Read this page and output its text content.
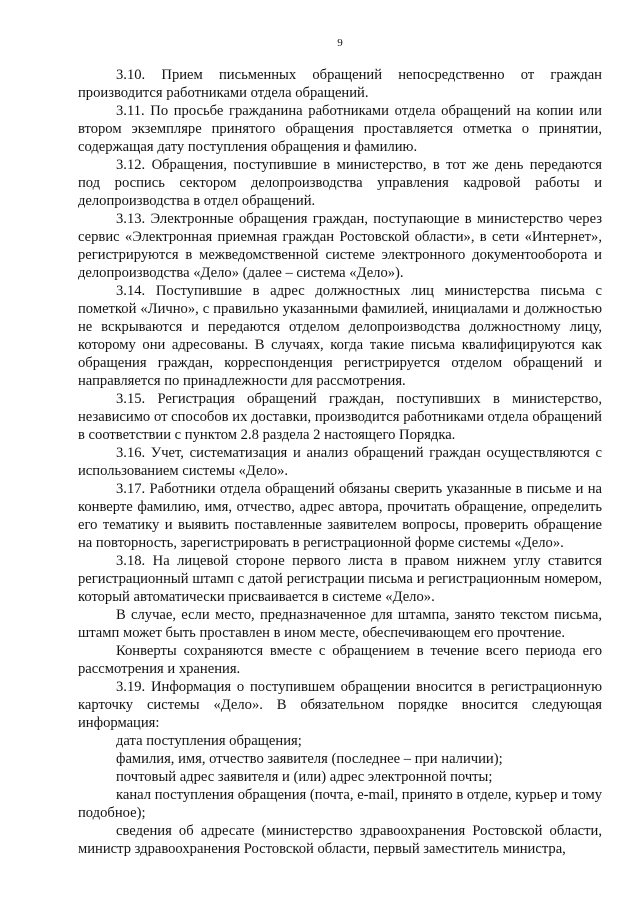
9

3.10. Прием письменных обращений непосредственно от граждан производится работниками отдела обращений.

3.11. По просьбе гражданина работниками отдела обращений на копии или втором экземпляре принятого обращения проставляется отметка о принятии, содержащая дату поступления обращения и фамилию.

3.12. Обращения, поступившие в министерство, в тот же день передаются под роспись сектором делопроизводства управления кадровой работы и делопроизводства в отдел обращений.

3.13. Электронные обращения граждан, поступающие в министерство через сервис «Электронная приемная граждан Ростовской области», в сети «Интернет», регистрируются в межведомственной системе электронного документооборота и делопроизводства «Дело» (далее – система «Дело»).

3.14. Поступившие в адрес должностных лиц министерства письма с пометкой «Лично», с правильно указанными фамилией, инициалами и должностью не вскрываются и передаются отделом делопроизводства должностному лицу, которому они адресованы. В случаях, когда такие письма квалифицируются как обращения граждан, корреспонденция регистрируется отделом обращений и направляется по принадлежности для рассмотрения.

3.15. Регистрация обращений граждан, поступивших в министерство, независимо от способов их доставки, производится работниками отдела обращений в соответствии с пунктом 2.8 раздела 2 настоящего Порядка.

3.16. Учет, систематизация и анализ обращений граждан осуществляются с использованием системы «Дело».

3.17. Работники отдела обращений обязаны сверить указанные в письме и на конверте фамилию, имя, отчество, адрес автора, прочитать обращение, определить его тематику и выявить поставленные заявителем вопросы, проверить обращение на повторность, зарегистрировать в регистрационной форме системы «Дело».

3.18. На лицевой стороне первого листа в правом нижнем углу ставится регистрационный штамп с датой регистрации письма и регистрационным номером, который автоматически присваивается в системе «Дело».

В случае, если место, предназначенное для штампа, занято текстом письма, штамп может быть проставлен в ином месте, обеспечивающем его прочтение.

Конверты сохраняются вместе с обращением в течение всего периода его рассмотрения и хранения.

3.19. Информация о поступившем обращении вносится в регистрационную карточку системы «Дело». В обязательном порядке вносится следующая информация:

дата поступления обращения;

фамилия, имя, отчество заявителя (последнее – при наличии);

почтовый адрес заявителя и (или) адрес электронной почты;

канал поступления обращения (почта, e-mail, принято в отделе, курьер и тому подобное);

сведения об адресате (министерство здравоохранения Ростовской области, министр здравоохранения Ростовской области, первый заместитель министра,
